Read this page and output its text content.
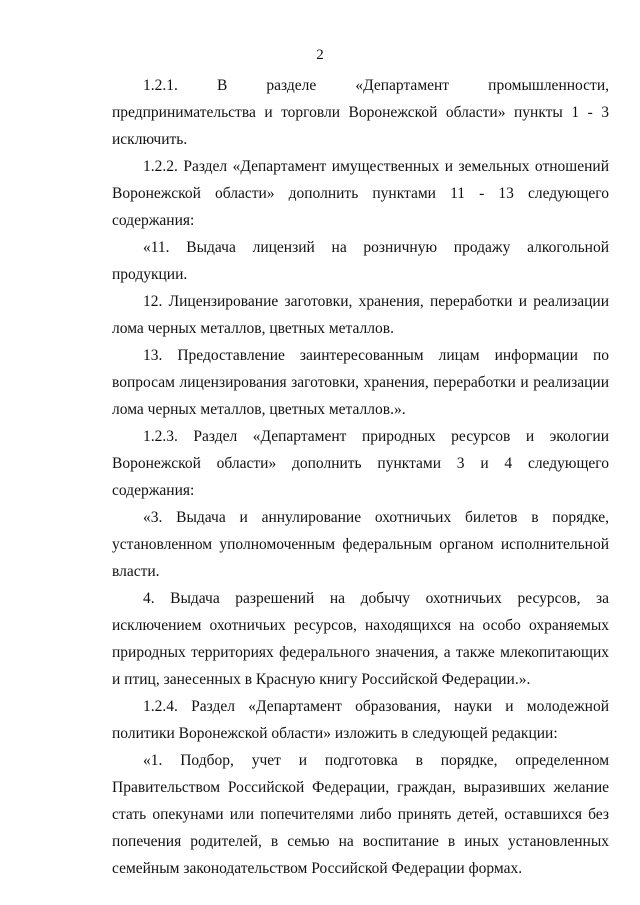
2

1.2.1. В разделе «Департамент промышленности, предпринимательства и торговли Воронежской области» пункты 1 - 3 исключить.

1.2.2. Раздел «Департамент имущественных и земельных отношений Воронежской области» дополнить пунктами 11 - 13 следующего содержания:

«11. Выдача лицензий на розничную продажу алкогольной продукции.

12. Лицензирование заготовки, хранения, переработки и реализации лома черных металлов, цветных металлов.

13. Предоставление заинтересованным лицам информации по вопросам лицензирования заготовки, хранения, переработки и реализации лома черных металлов, цветных металлов.».

1.2.3. Раздел «Департамент природных ресурсов и экологии Воронежской области» дополнить пунктами 3 и 4 следующего содержания:

«3. Выдача и аннулирование охотничьих билетов в порядке, установленном уполномоченным федеральным органом исполнительной власти.

4. Выдача разрешений на добычу охотничьих ресурсов, за исключением охотничьих ресурсов, находящихся на особо охраняемых природных территориях федерального значения, а также млекопитающих и птиц, занесенных в Красную книгу Российской Федерации.».

1.2.4. Раздел «Департамент образования, науки и молодежной политики Воронежской области» изложить в следующей редакции:

«1. Подбор, учет и подготовка в порядке, определенном Правительством Российской Федерации, граждан, выразивших желание стать опекунами или попечителями либо принять детей, оставшихся без попечения родителей, в семью на воспитание в иных установленных семейным законодательством Российской Федерации формах.
